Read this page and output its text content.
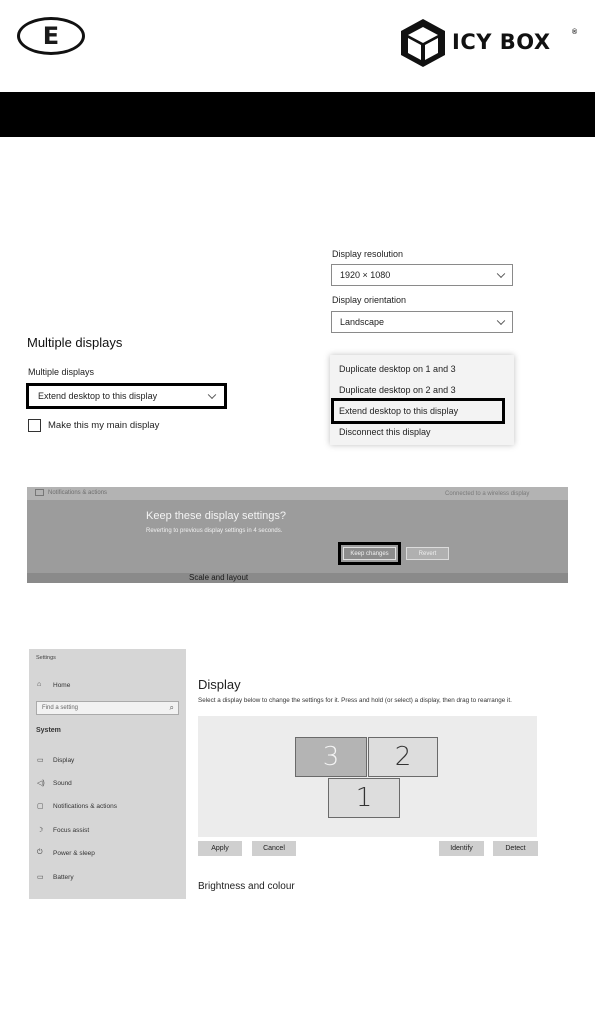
E	ICY BOX	®
Display resolution
1920 × 1080
Display orientation
Landscape
Multiple displays
Multiple displays
Extend desktop to this display
Make this my main display
Duplicate desktop on 1 and 3
Duplicate desktop on 2 and 3
Extend desktop to this display
Disconnect this display
Notifications & actions	Connected to a wireless display
Keep these display settings?
Reverting to previous display settings in 4 seconds.
Scale and layout
Keep changes	Revert
Settings
⌂ Home
Find a setting	⌕
System
▭ Display
◁) Sound
▢ Notifications & actions
☽ Focus assist
⏻ Power & sleep
▭ Battery
Display
Select a display below to change the settings for it. Press and hold (or select) a display, then drag to rearrange it.
3	2
1
Apply	Cancel	Identify	Detect
Brightness and colour
